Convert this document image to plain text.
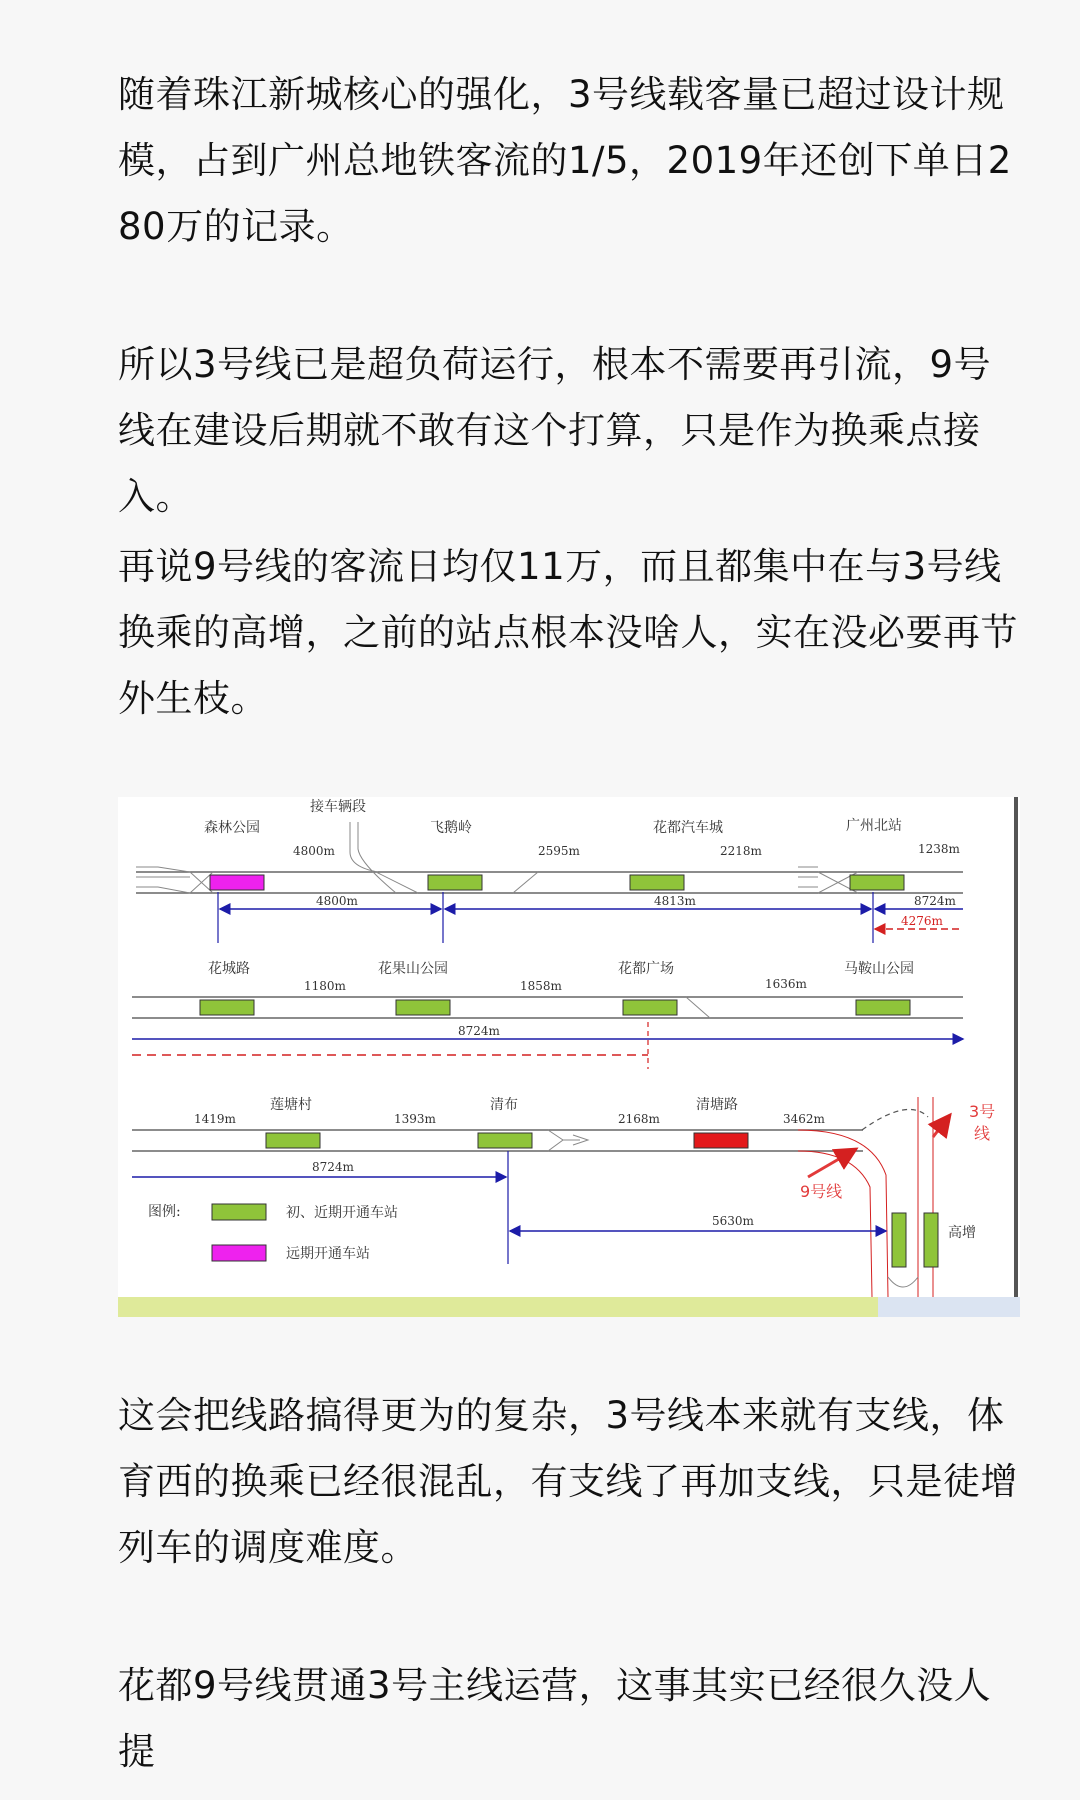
随着珠江新城核心的强化，3号线载客量已超过设计规模，占到广州总地铁客流的1/5，2019年还创下单日280万的记录。

所以3号线已是超负荷运行，根本不需要再引流，9号线在建设后期就不敢有这个打算，只是作为换乘点接入。

再说9号线的客流日均仅11万，而且都集中在与3号线换乘的高增，之前的站点根本没啥人，实在没必要再节外生枝。

森林公园
接车辆段
飞鹅岭	花都汽车城	广州北站
4800m	2595m	2218m	1238m
4800m	4813m	8724m
4276m
花城路	花果山公园	花都广场	马鞍山公园
1180m	1858m	1636m
8724m
莲塘村	清布	清塘路
高增
1419m	1393m	2168m	3462m
8724m
5630m
9号线
3号
线
图例:	初、近期开通车站
远期开通车站

这会把线路搞得更为的复杂，3号线本来就有支线，体育西的换乘已经很混乱，有支线了再加支线，只是徒增列车的调度难度。

花都9号线贯通3号主线运营，这事其实已经很久没人提
